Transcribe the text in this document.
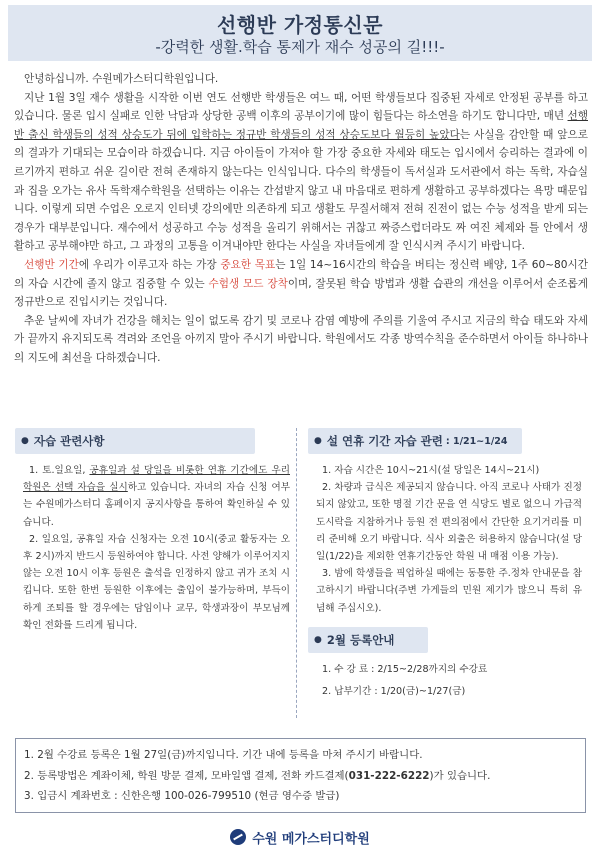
선행반 가정통신문
-강력한 생활.학습 통제가 재수 성공의 길!!!-

안녕하십니까. 수원메가스터디학원입니다.

지난 1월 3일 재수 생활을 시작한 이번 연도 선행반 학생들은 여느 때, 어떤 학생들보다 집중된 자세로 안정된 공부를 하고 있습니다. 물론 입시 실패로 인한 낙담과 상당한 공백 이후의 공부이기에 많이 힘들다는 하소연을 하기도 합니다만, 매년 선행반 출신 학생들의 성적 상승도가 뒤에 입학하는 정규반 학생들의 성적 상승도보다 월등히 높았다는 사실을 감안할 때 앞으로의 결과가 기대되는 모습이라 하겠습니다. 지금 아이들이 가져야 할 가장 중요한 자세와 태도는 입시에서 승리하는 결과에 이르기까지 편하고 쉬운 길이란 전혀 존재하지 않는다는 인식입니다. 다수의 학생들이 독서실과 도서관에서 하는 독학, 자습실과 집을 오가는 유사 독학재수학원을 선택하는 이유는 간섭받지 않고 내 마음대로 편하게 생활하고 공부하겠다는 욕망 때문입니다. 이렇게 되면 수업은 오로지 인터넷 강의에만 의존하게 되고 생활도 무질서해져 전혀 진전이 없는 수능 성적을 받게 되는 경우가 대부분입니다. 재수에서 성공하고 수능 성적을 올리기 위해서는 귀찮고 짜증스럽더라도 짜 여진 체제와 틀 안에서 생활하고 공부해야만 하고, 그 과정의 고통을 이겨내야만 한다는 사실을 자녀들에게 잘 인식시켜 주시기 바랍니다.

선행반 기간에 우리가 이루고자 하는 가장 중요한 목표는 1일 14~16시간의 학습을 버티는 정신력 배양, 1주 60~80시간의 자습 시간에 졸지 않고 집중할 수 있는 수험생 모드 장착이며, 잘못된 학습 방법과 생활 습관의 개선을 이루어서 순조롭게 정규반으로 진입시키는 것입니다.

추운 날씨에 자녀가 건강을 해치는 일이 없도록 감기 및 코로나 감염 예방에 주의를 기울여 주시고 지금의 학습 태도와 자세가 끝까지 유지되도록 격려와 조언을 아끼지 말아 주시기 바랍니다. 학원에서도 각종 방역수칙을 준수하면서 아이들 하나하나의 지도에 최선을 다하겠습니다.

● 자습 관련사항

1. 토.일요일, 공휴일과 설 당일을 비롯한 연휴 기간에도 우리 학원은 선택 자습을 실시하고 있습니다. 자녀의 자습 신청 여부는 수원메가스터디 홈페이지 공지사항을 통하여 확인하실 수 있습니다.

2. 일요일, 공휴일 자습 신청자는 오전 10시(중교 활동자는 오후 2시)까지 반드시 등원하여야 합니다. 사전 양해가 이루어지지 않는 오전 10시 이후 등원은 출석을 인정하지 않고 귀가 조치 시킵니다. 또한 한번 등원한 이후에는 출입이 불가능하며, 부득이하게 조퇴를 할 경우에는 담임이나 교무, 학생과장이 부모님께 확인 전화를 드리게 됩니다.

● 설 연휴 기간 자습 관련 : 1/21~1/24

1. 자습 시간은 10시~21시(설 당일은 14시~21시)

2. 차량과 급식은 제공되지 않습니다. 아직 코로나 사태가 진정되지 않았고, 또한 명절 기간 문을 연 식당도 별로 없으니 가급적 도시락을 지참하거나 등원 전 편의점에서 간단한 요기거리를 미리 준비해 오기 바랍니다. 식사 외출은 허용하지 않습니다(설 당일(1/22)을 제외한 연휴기간동안 학원 내 매점 이용 가능).

3. 밤에 학생들을 픽업하실 때에는 동통한 주.정차 안내문을 참고하시기 바랍니다(주변 가게들의 민원 제기가 많으니 특히 유념해 주십시오).

● 2월 등록안내

1. 수 강 료 : 2/15~2/28까지의 수강료

2. 납부기간 : 1/20(금)~1/27(금)

1. 2월 수강료 등록은 1월 27일(금)까지입니다. 기간 내에 등록을 마쳐 주시기 바랍니다.

2. 등록방법은 계좌이체, 학원 방문 결제, 모바일앱 결제, 전화 카드결제(031-222-6222)가 있습니다.

3. 입금시 계좌번호 : 신한은행 100-026-799510 (현금 영수증 발급)

수원 메가스터디학원
